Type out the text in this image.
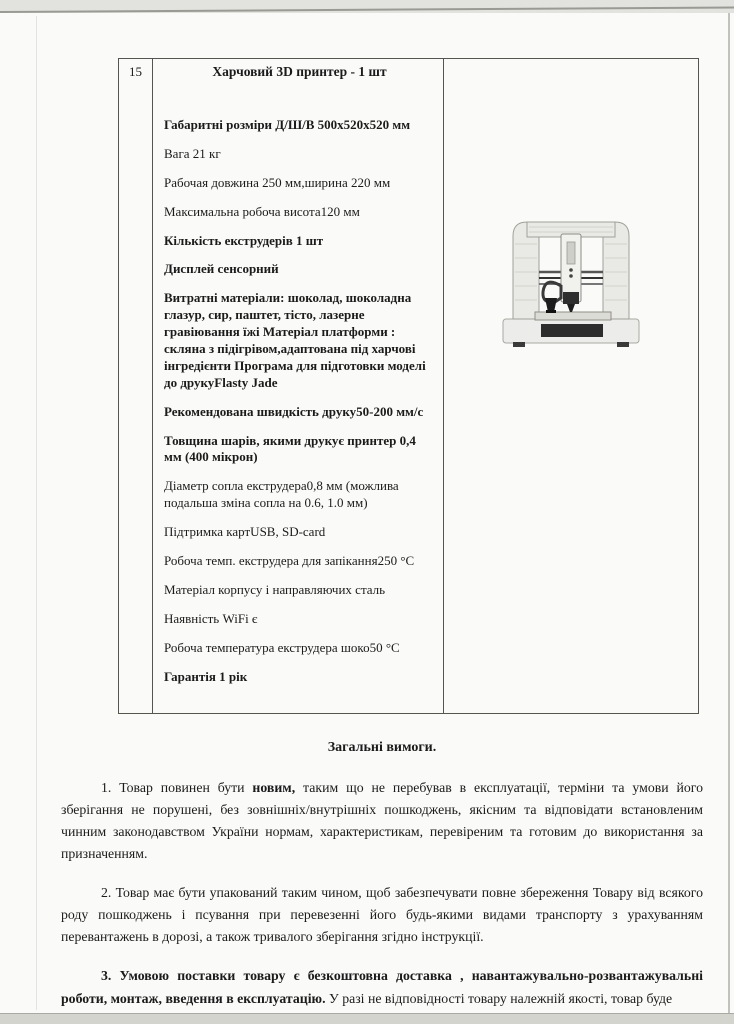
15	Харчовий 3D принтер - 1 шт

Габаритні розміри Д/Ш/В 500х520х520 мм

Вага 21 кг

Рабочая довжина 250 мм,ширина 220 мм

Максимальна робоча висота120 мм

Кількість екструдерів 1 шт

Дисплей сенсорний

Витратні матеріали: шоколад, шоколадна глазур, сир, паштет, тісто, лазерне гравіювання їжі Матеріал платформи : скляна з підігрівом,адаптована під харчові інгредієнти Програма для підготовки моделі до друкуFlasty Jade

Рекомендована швидкість друку50-200 мм/с

Товщина шарів, якими друкує принтер 0,4 мм (400 мікрон)

Діаметр сопла екструдера0,8 мм (можлива подальша зміна сопла на 0.6, 1.0 мм)

Підтримка картUSB, SD-card

Робоча темп. екструдера для запікання250 °С

Матеріал корпусу і направляючих сталь

Наявність WiFi є

Робоча температура екструдера шоко50 °С

Гарантія 1 рік

Загальні вимоги.

1. Товар повинен бути новим, таким що не перебував в експлуатації, терміни та умови його зберігання не порушені, без зовнішніх/внутрішніх пошкоджень, якісним та відповідати встановленим чинним законодавством України нормам, характеристикам, перевіреним та готовим до використання за призначенням.

2. Товар має бути упакований таким чином, щоб забезпечувати повне збереження Товару від всякого роду пошкоджень і псування при перевезенні його будь-якими видами транспорту з урахуванням перевантажень в дорозі, а також тривалого зберігання згідно інструкції.

3. Умовою поставки товару є безкоштовна доставка , навантажувально-розвантажувальні роботи, монтаж, введення в експлуатацію. У разі не відповідності товару належній якості, товар буде
